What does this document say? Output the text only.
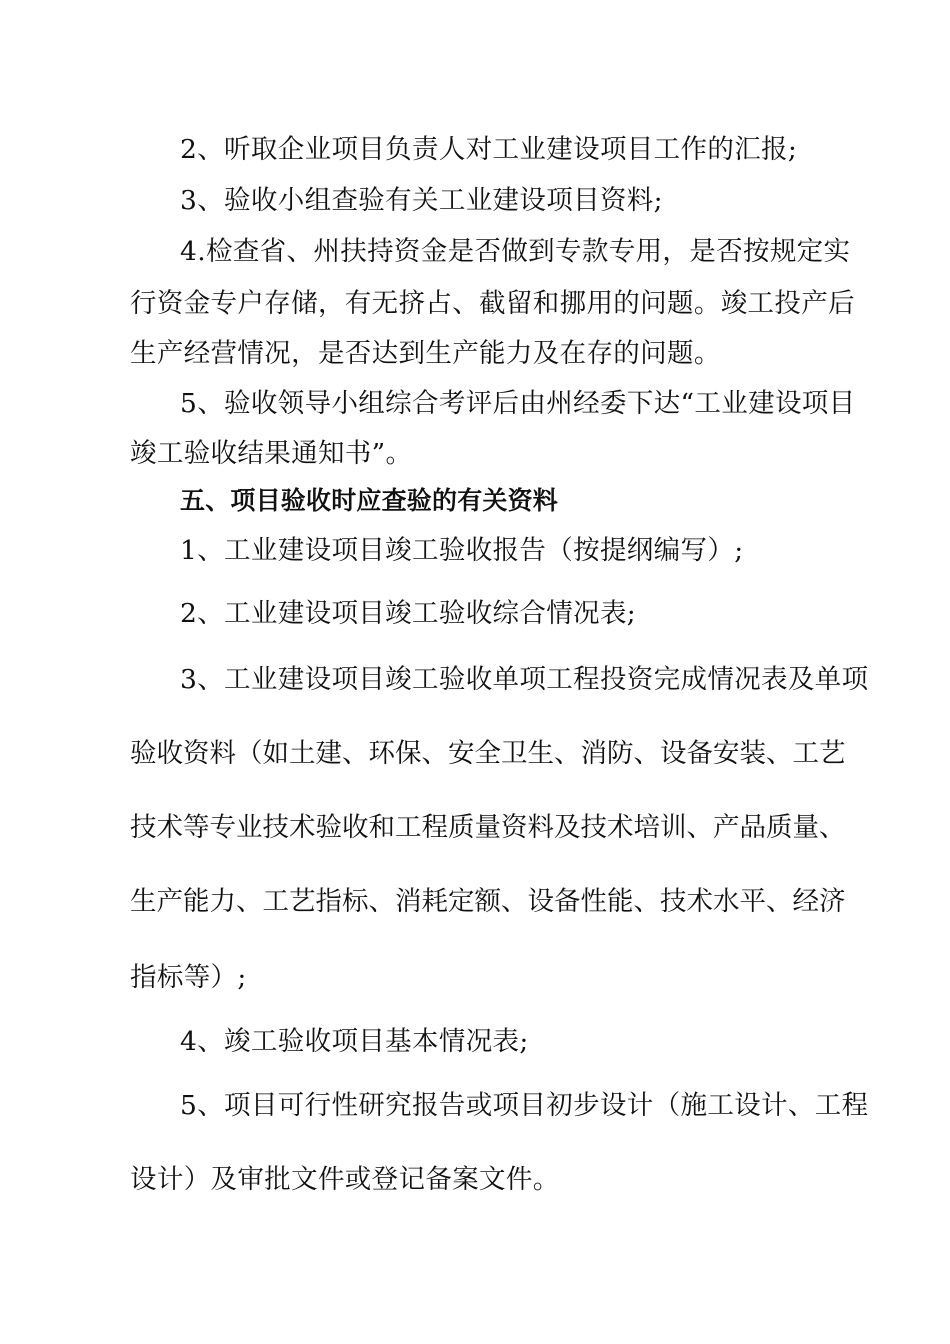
2、听取企业项目负责人对工业建设项目工作的汇报;
3、验收小组查验有关工业建设项目资料;
4.检查省、州扶持资金是否做到专款专用，是否按规定实
行资金专户存储，有无挤占、截留和挪用的问题。竣工投产后
生产经营情况，是否达到生产能力及在存的问题。
5、验收领导小组综合考评后由州经委下达“工业建设项目
竣工验收结果通知书”。
五、项目验收时应查验的有关资料
1、工业建设项目竣工验收报告（按提纲编写）;
2、工业建设项目竣工验收综合情况表;
3、工业建设项目竣工验收单项工程投资完成情况表及单项
验收资料（如土建、环保、安全卫生、消防、设备安装、工艺
技术等专业技术验收和工程质量资料及技术培训、产品质量、
生产能力、工艺指标、消耗定额、设备性能、技术水平、经济
指标等）;
4、竣工验收项目基本情况表;
5、项目可行性研究报告或项目初步设计（施工设计、工程
设计）及审批文件或登记备案文件。
